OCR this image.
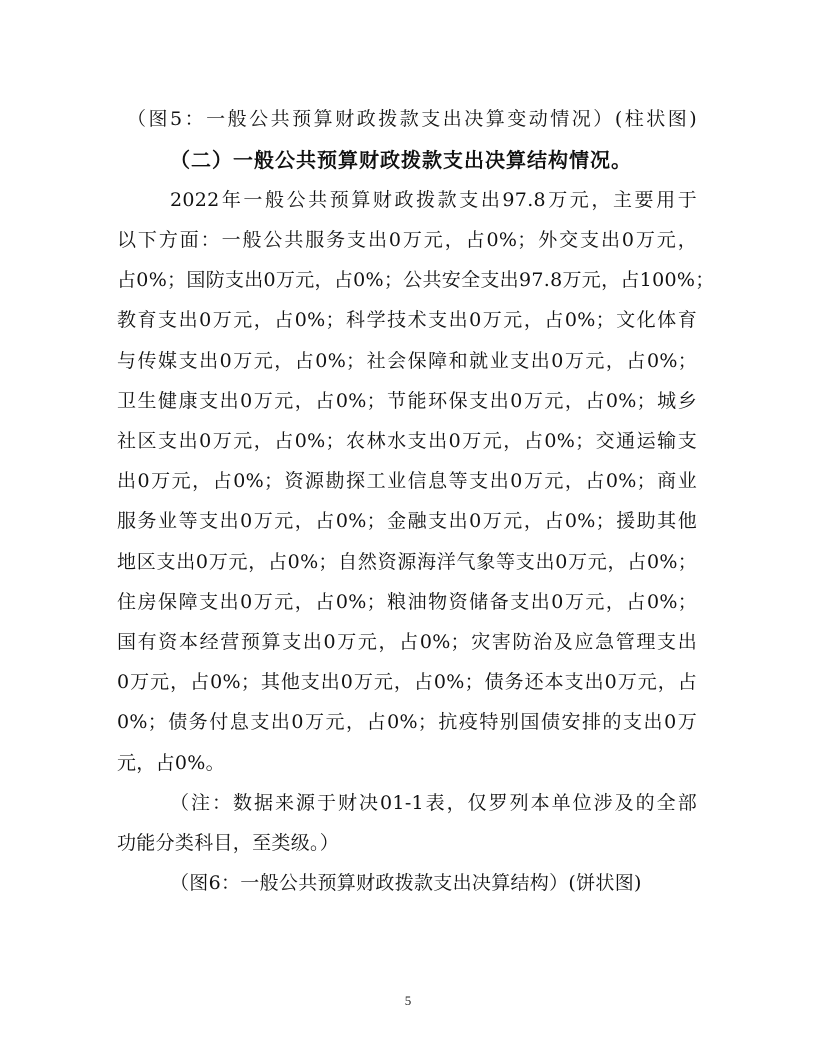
（图5：一般公共预算财政拨款支出决算变动情况）(柱状图)
（二）一般公共预算财政拨款支出决算结构情况。
2022年一般公共预算财政拨款支出97.8万元，主要用于
以下方面：一般公共服务支出0万元，占0%；外交支出0万元，
占0%；国防支出0万元，占0%；公共安全支出97.8万元，占100%；
教育支出0万元，占0%；科学技术支出0万元，占0%；文化体育
与传媒支出0万元，占0%；社会保障和就业支出0万元，占0%；
卫生健康支出0万元，占0%；节能环保支出0万元，占0%；城乡
社区支出0万元，占0%；农林水支出0万元，占0%；交通运输支
出0万元，占0%；资源勘探工业信息等支出0万元，占0%；商业
服务业等支出0万元，占0%；金融支出0万元，占0%；援助其他
地区支出0万元，占0%；自然资源海洋气象等支出0万元，占0%；
住房保障支出0万元，占0%；粮油物资储备支出0万元，占0%；
国有资本经营预算支出0万元，占0%；灾害防治及应急管理支出
0万元，占0%；其他支出0万元，占0%；债务还本支出0万元，占
0%；债务付息支出0万元，占0%；抗疫特别国债安排的支出0万
元，占0%。
（注：数据来源于财决01-1表，仅罗列本单位涉及的全部
功能分类科目，至类级。）
（图6：一般公共预算财政拨款支出决算结构）(饼状图)
5
